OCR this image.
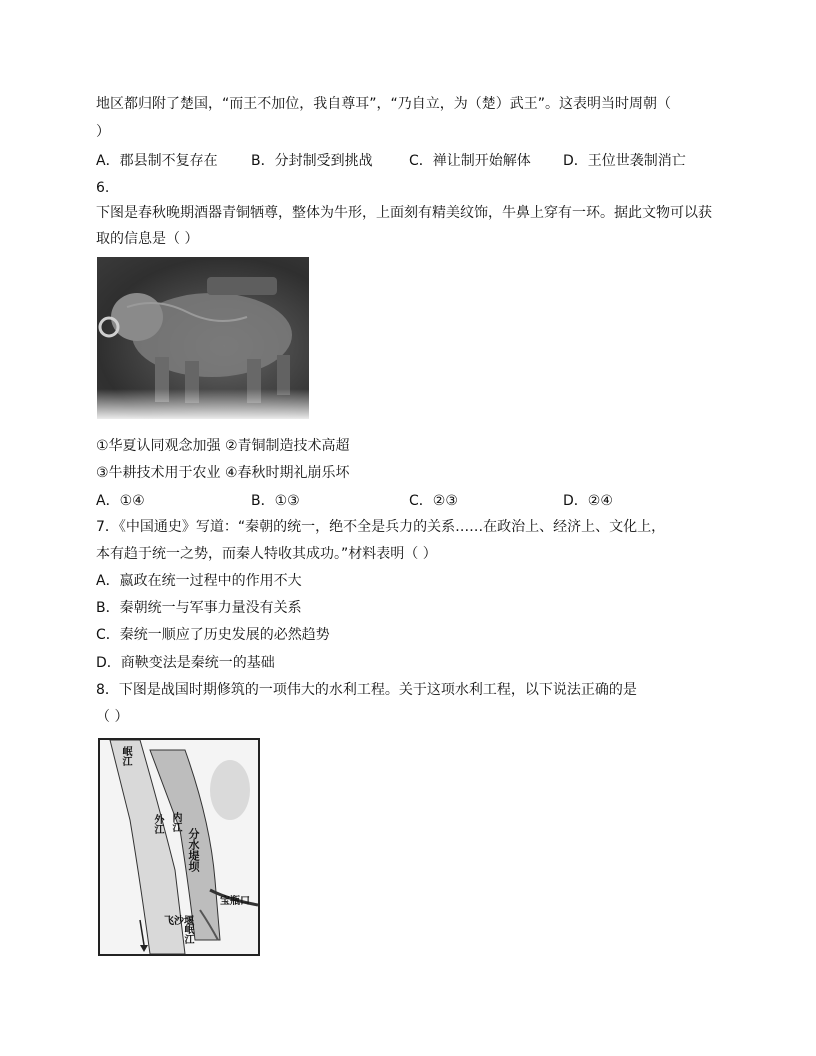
地区都归附了楚国，“而王不加位，我自尊耳”，“乃自立，为（楚）武王”。这表明当时周朝（
）
A．郡县制不复存在 B．分封制受到挑战	C．禅让制开始解体 D．王位世袭制消亡
6.
下图是春秋晚期酒器青铜牺尊，整体为牛形，上面刻有精美纹饰，牛鼻上穿有一环。据此文物可以获
取的信息是（ ）
①华夏认同观念加强 ②青铜制造技术高超
③牛耕技术用于农业 ④春秋时期礼崩乐坏
A．①④	B．①③	C．②③	D．②④
7．《中国通史》写道：“秦朝的统一，绝不全是兵力的关系……在政治上、经济上、文化上，
本有趋于统一之势，而秦人特收其成功。”材料表明（ ）
A．嬴政在统一过程中的作用不大
B．秦朝统一与军事力量没有关系
C．秦统一顺应了历史发展的必然趋势
D．商鞅变法是秦统一的基础
8．下图是战国时期修筑的一项伟大的水利工程。关于这项水利工程，以下说法正确的是
（ ）
岷江
内江
分水堤坝
外江
宝瓶口
飞沙堰
岷江
